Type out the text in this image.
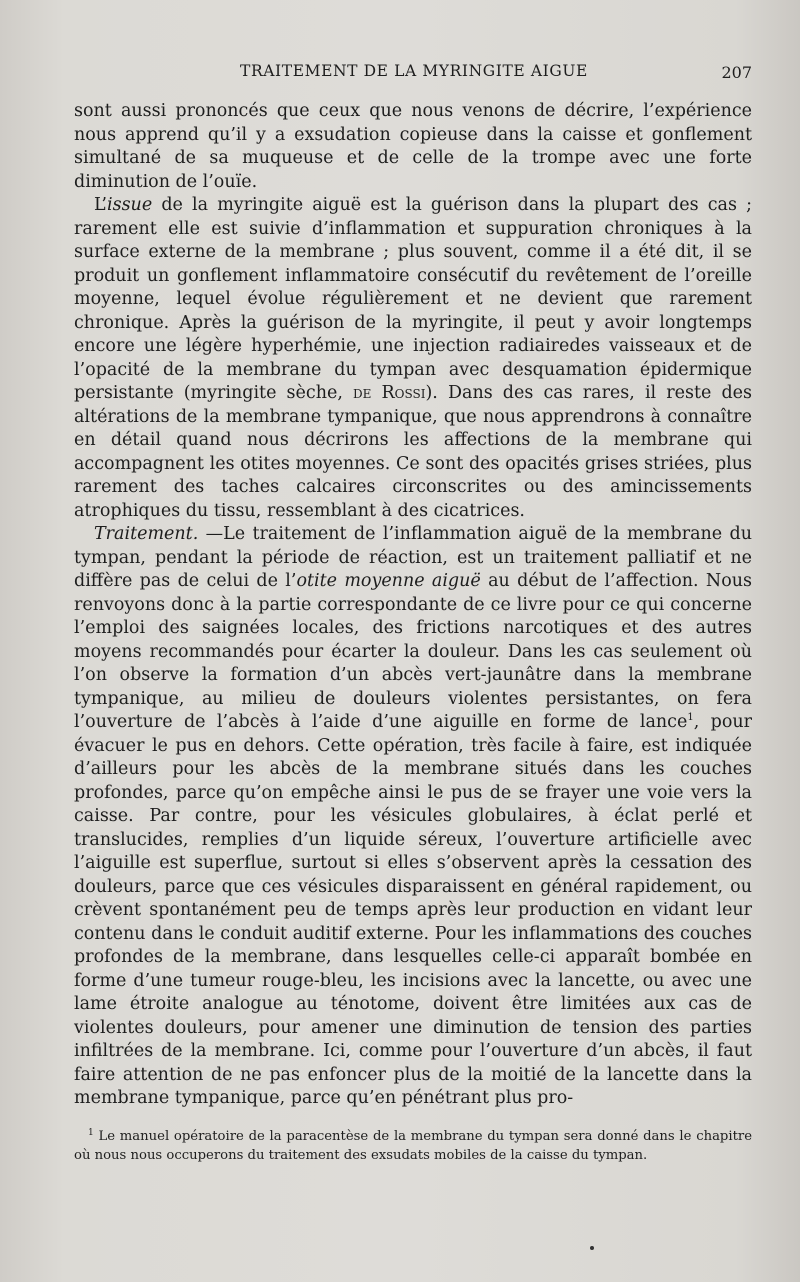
TRAITEMENT DE LA MYRINGITE AIGUE	207

sont aussi prononcés que ceux que nous venons de décrire, l’expérience nous apprend qu’il y a exsudation copieuse dans la caisse et gonflement simultané de sa muqueuse et de celle de la trompe avec une forte diminution de l’ouïe.

L’issue de la myringite aiguë est la guérison dans la plupart des cas ; rarement elle est suivie d’inflammation et suppuration chroniques à la surface externe de la membrane ; plus souvent, comme il a été dit, il se produit un gonflement inflammatoire consécutif du revêtement de l’oreille moyenne, lequel évolue régulièrement et ne devient que rarement chronique. Après la guérison de la myringite, il peut y avoir longtemps encore une légère hyperhémie, une injection radiairedes vaisseaux et de l’opacité de la membrane du tympan avec desquamation épidermique persistante (myringite sèche, de Rossi). Dans des cas rares, il reste des altérations de la membrane tympanique, que nous apprendrons à connaître en détail quand nous décrirons les affections de la membrane qui accompagnent les otites moyennes. Ce sont des opacités grises striées, plus rarement des taches calcaires circonscrites ou des amincissements atrophiques du tissu, ressemblant à des cicatrices.

Traitement. —Le traitement de l’inflammation aiguë de la membrane du tympan, pendant la période de réaction, est un traitement palliatif et ne diffère pas de celui de l’otite moyenne aiguë au début de l’affection. Nous renvoyons donc à la partie correspondante de ce livre pour ce qui concerne l’emploi des saignées locales, des frictions narcotiques et des autres moyens recommandés pour écarter la douleur. Dans les cas seulement où l’on observe la formation d’un abcès vert-jaunâtre dans la membrane tympanique, au milieu de douleurs violentes persistantes, on fera l’ouverture de l’abcès à l’aide d’une aiguille en forme de lance$^1$, pour évacuer le pus en dehors. Cette opération, très facile à faire, est indiquée d’ailleurs pour les abcès de la membrane situés dans les couches profondes, parce qu’on empêche ainsi le pus de se frayer une voie vers la caisse. Par contre, pour les vésicules globulaires, à éclat perlé et translucides, remplies d’un liquide séreux, l’ouverture artificielle avec l’aiguille est superflue, surtout si elles s’observent après la cessation des douleurs, parce que ces vésicules disparaissent en général rapidement, ou crèvent spontanément peu de temps après leur production en vidant leur contenu dans le conduit auditif externe. Pour les inflammations des couches profondes de la membrane, dans lesquelles celle-ci apparaît bombée en forme d’une tumeur rouge-bleu, les incisions avec la lancette, ou avec une lame étroite analogue au ténotome, doivent être limitées aux cas de violentes douleurs, pour amener une diminution de tension des parties infiltrées de la membrane. Ici, comme pour l’ouverture d’un abcès, il faut faire attention de ne pas enfoncer plus de la moitié de la lancette dans la membrane tympanique, parce qu’en pénétrant plus pro-

$^1$ Le manuel opératoire de la paracentèse de la membrane du tympan sera donné dans le chapitre où nous nous occuperons du traitement des exsudats mobiles de la caisse du tympan.
